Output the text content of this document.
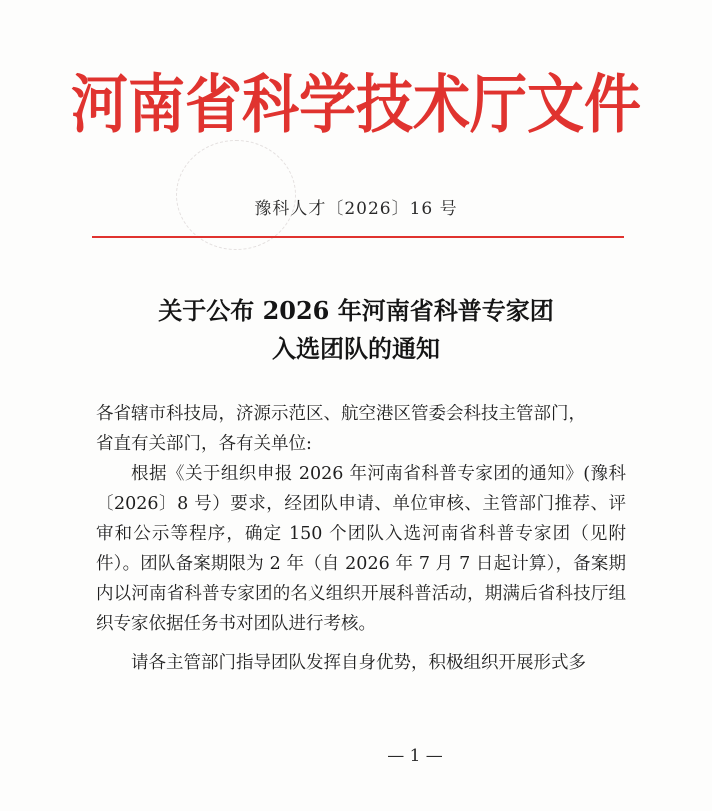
河南省科学技术厅文件
豫科人才〔2026〕16 号
关于公布 2026 年河南省科普专家团
入选团队的通知

各省辖市科技局，济源示范区、航空港区管委会科技主管部门，

省直有关部门，各有关单位:

根据《关于组织申报 2026 年河南省科普专家团的通知》(豫科〔2026〕8 号）要求，经团队申请、单位审核、主管部门推荐、评审和公示等程序，确定 150 个团队入选河南省科普专家团（见附件）。团队备案期限为 2 年（自 2026 年 7 月 7 日起计算），备案期内以河南省科普专家团的名义组织开展科普活动，期满后省科技厅组织专家依据任务书对团队进行考核。

请各主管部门指导团队发挥自身优势，积极组织开展形式多

— 1 —
